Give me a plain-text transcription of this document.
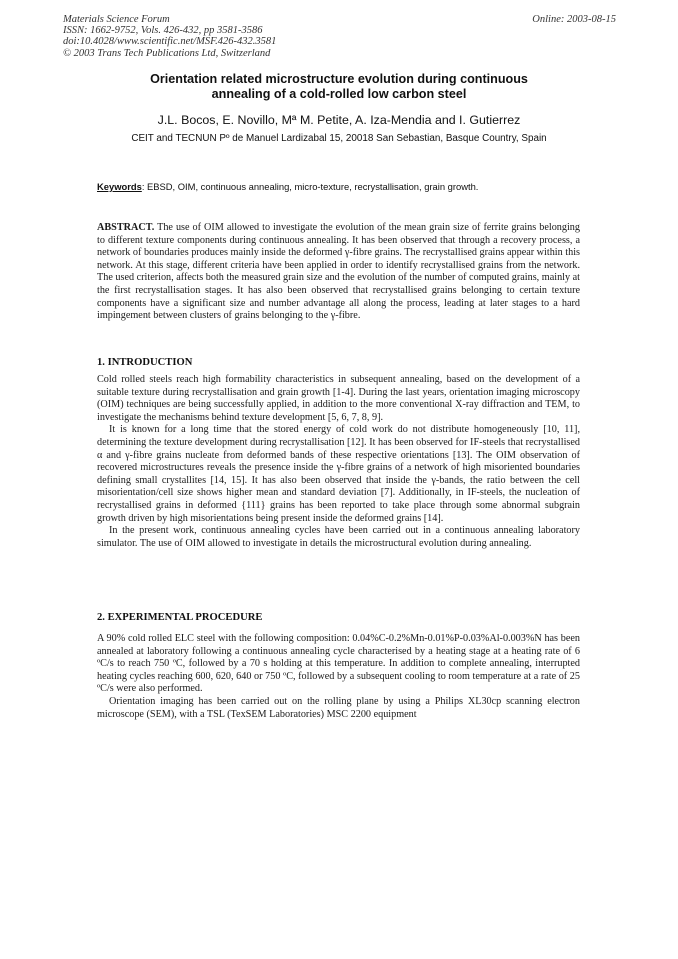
Materials Science Forum
ISSN: 1662-9752, Vols. 426-432, pp 3581-3586
doi:10.4028/www.scientific.net/MSF.426-432.3581
© 2003 Trans Tech Publications Ltd, Switzerland
Online: 2003-08-15
Orientation related microstructure evolution during continuous
annealing of a cold-rolled low carbon steel
J.L. Bocos, E. Novillo, Mª M. Petite, A. Iza-Mendia and I. Gutierrez
CEIT and TECNUN Pº de Manuel Lardizabal 15, 20018 San Sebastian, Basque Country, Spain
Keywords: EBSD, OIM, continuous annealing, micro-texture, recrystallisation, grain growth.

ABSTRACT. The use of OIM allowed to investigate the evolution of the mean grain size of ferrite grains belonging to different texture components during continuous annealing. It has been observed that through a recovery process, a network of boundaries produces mainly inside the deformed γ-fibre grains. The recrystallised grains appear within this network. At this stage, different criteria have been applied in order to identify recrystallised grains from the network. The used criterion, affects both the measured grain size and the evolution of the number of computed grains, mainly at the first recrystallisation stages. It has also been observed that recrystallised grains belonging to certain texture components have a significant size and number advantage all along the process, leading at later stages to a hard impingement between clusters of grains belonging to the γ-fibre.

1. INTRODUCTION

Cold rolled steels reach high formability characteristics in subsequent annealing, based on the development of a suitable texture during recrystallisation and grain growth [1-4]. During the last years, orientation imaging microscopy (OIM) techniques are being successfully applied, in addition to the more conventional X-ray diffraction and TEM, to investigate the mechanisms behind texture development [5, 6, 7, 8, 9].

It is known for a long time that the stored energy of cold work do not distribute homogeneously [10, 11], determining the texture development during recrystallisation [12]. It has been observed for IF-steels that recrystallised α and γ-fibre grains nucleate from deformed bands of these respective orientations [13]. The OIM observation of recovered microstructures reveals the presence inside the γ-fibre grains of a network of high misoriented boundaries defining small crystallites [14, 15]. It has also been observed that inside the γ-bands, the ratio between the cell misorientation/cell size shows higher mean and standard deviation [7]. Additionally, in IF-steels, the nucleation of recrystallised grains in deformed {111} grains has been reported to take place through some abnormal subgrain growth driven by high misorientations being present inside the deformed grains [14].

In the present work, continuous annealing cycles have been carried out in a continuous annealing laboratory simulator. The use of OIM allowed to investigate in details the microstructural evolution during annealing.

2. EXPERIMENTAL PROCEDURE

A 90% cold rolled ELC steel with the following composition: 0.04%C-0.2%Mn-0.01%P-0.03%Al-0.003%N has been annealed at laboratory following a continuous annealing cycle characterised by a heating stage at a heating rate of 6 ºC/s to reach 750 ºC, followed by a 70 s holding at this temperature. In addition to complete annealing, interrupted heating cycles reaching 600, 620, 640 or 750 ºC, followed by a subsequent cooling to room temperature at a rate of 25 ºC/s were also performed.

Orientation imaging has been carried out on the rolling plane by using a Philips XL30cp scanning electron microscope (SEM), with a TSL (TexSEM Laboratories) MSC 2200 equipment
